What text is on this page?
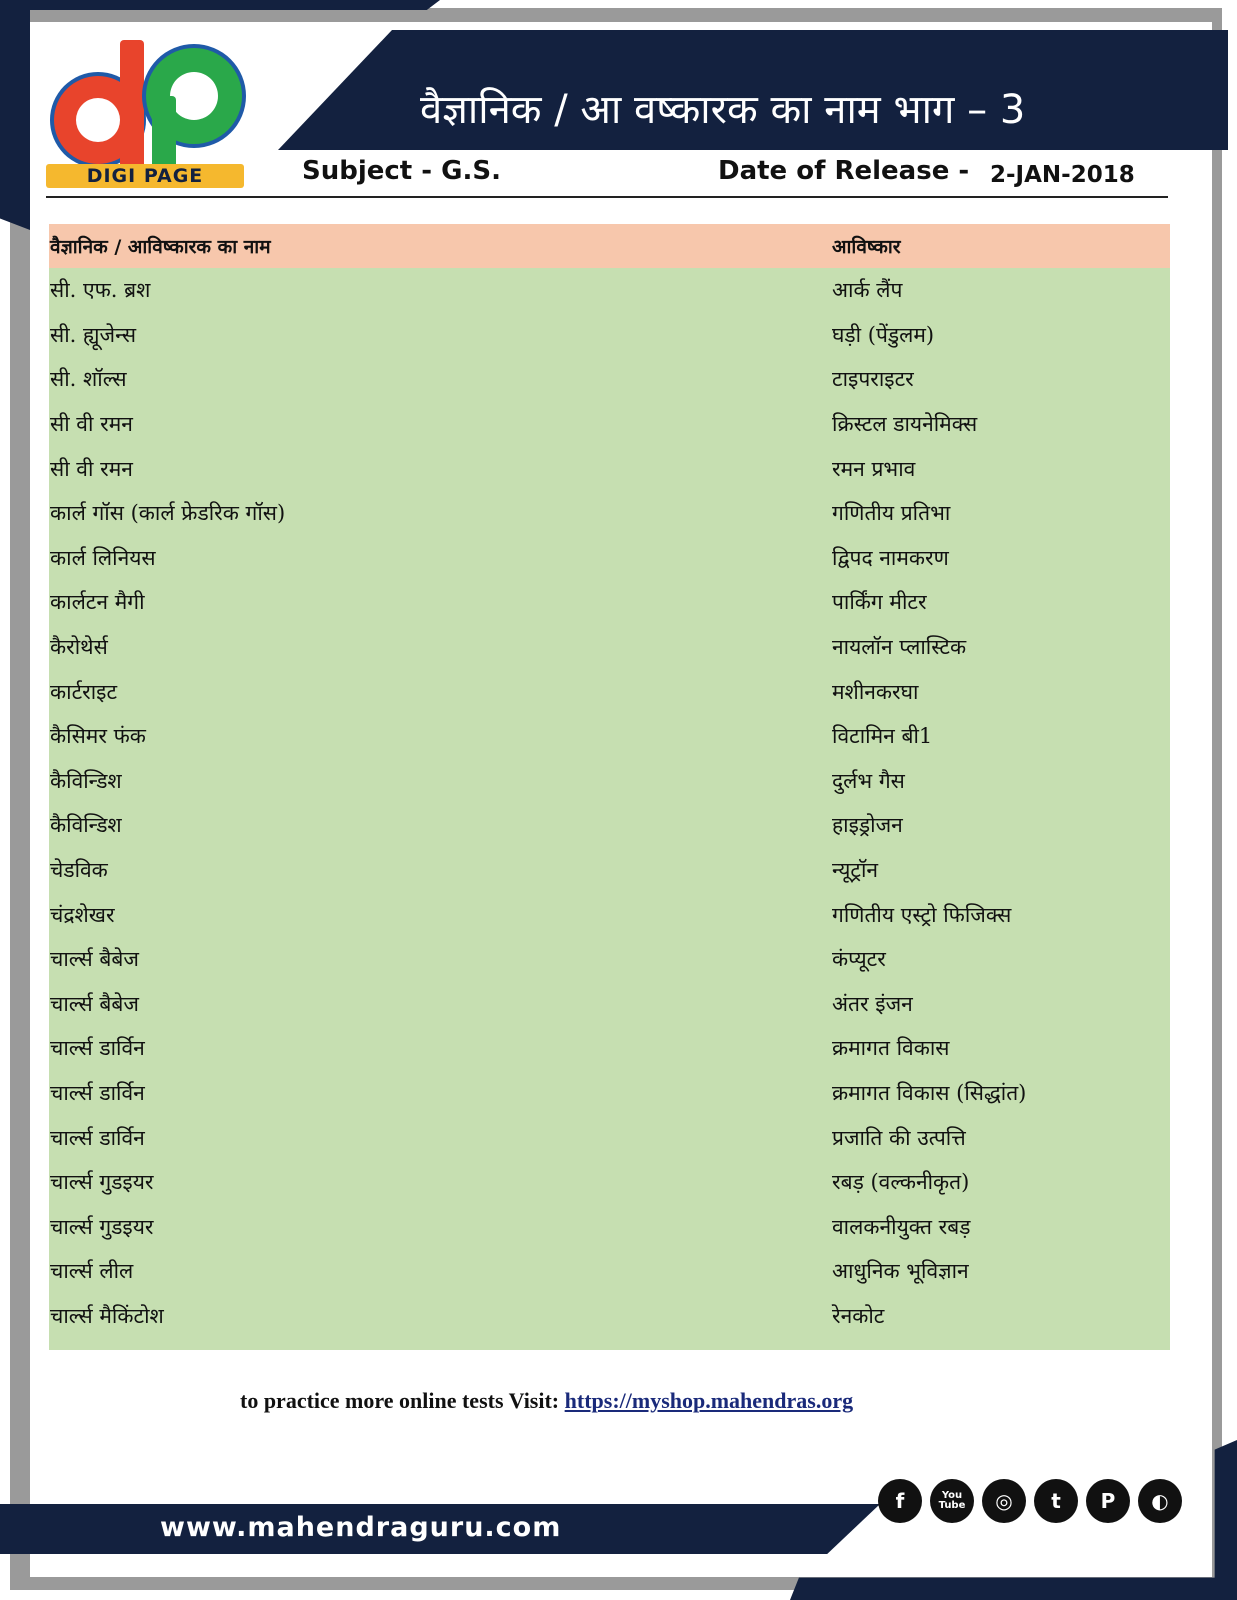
DIGI PAGE
वैज्ञानिक / आ वष्कारक का नाम भाग – 3
Subject - G.S.	Date of Release - 2-JAN-2018
वैज्ञानिक / आविष्कारक का नाम	आविष्कार
सी. एफ. ब्रश	आर्क लैंप
सी. ह्यूजेन्स	घड़ी (पेंडुलम)
सी. शॉल्स	टाइपराइटर
सी वी रमन	क्रिस्टल डायनेमिक्स
सी वी रमन	रमन प्रभाव
कार्ल गॉस (कार्ल फ्रेडरिक गॉस)	गणितीय प्रतिभा
कार्ल लिनियस	द्विपद नामकरण
कार्लटन मैगी	पार्किंग मीटर
कैरोथेर्स	नायलॉन प्लास्टिक
कार्टराइट	मशीनकरघा
कैसिमर फंक	विटामिन बी1
कैविन्डिश	दुर्लभ गैस
कैविन्डिश	हाइड्रोजन
चेडविक	न्यूट्रॉन
चंद्रशेखर	गणितीय एस्ट्रो फिजिक्स
चार्ल्स बैबेज	कंप्यूटर
चार्ल्स बैबेज	अंतर इंजन
चार्ल्स डार्विन	क्रमागत विकास
चार्ल्स डार्विन	क्रमागत विकास (सिद्धांत)
चार्ल्स डार्विन	प्रजाति की उत्पत्ति
चार्ल्स गुडइयर	रबड़ (वल्कनीकृत)
चार्ल्स गुडइयर	वालकनीयुक्त रबड़
चार्ल्स लील	आधुनिक भूविज्ञान
चार्ल्स मैकिंटोश	रेनकोट
to practice more online tests Visit: https://myshop.mahendras.org
www.mahendraguru.com
f	You
Tube	◎	t	P	◐
